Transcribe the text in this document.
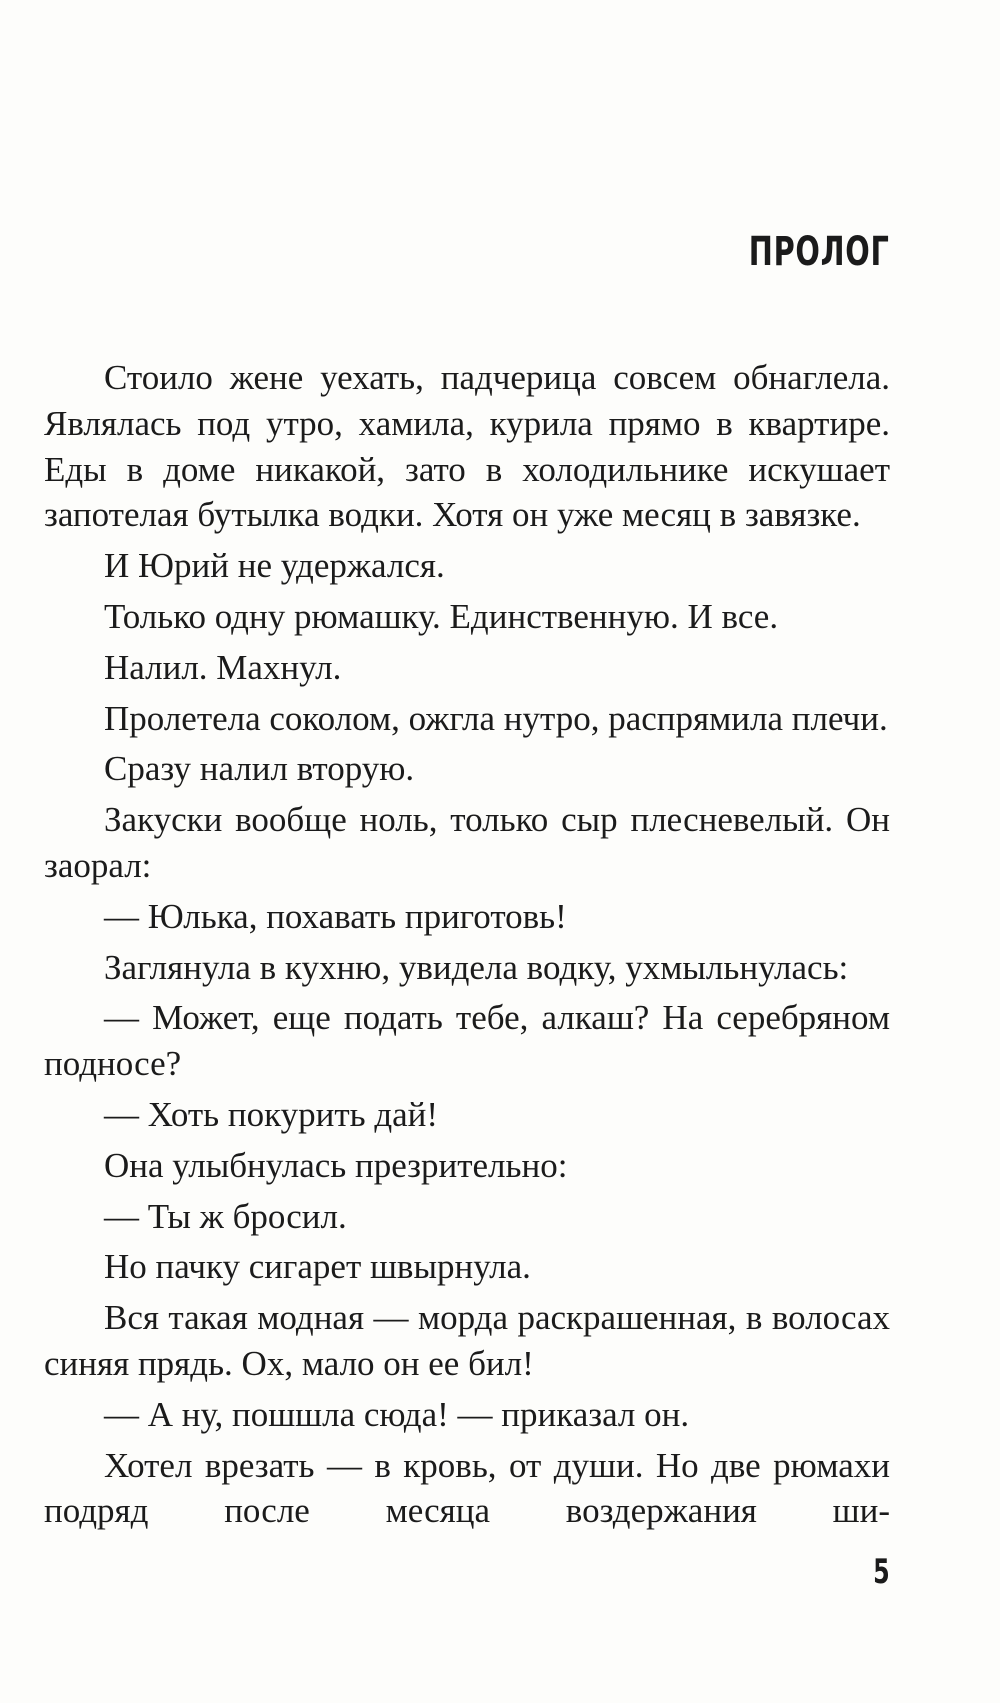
ПРОЛОГ

Стоило жене уехать, падчерица совсем обнаглела. Являлась под утро, хамила, курила прямо в квартире. Еды в доме никакой, зато в холодильнике искушает запотелая бутылка водки. Хотя он уже месяц в завязке.

И Юрий не удержался.

Только одну рюмашку. Единственную. И все.

Налил. Махнул.

Пролетела соколом, ожгла нутро, распрямила плечи.

Сразу налил вторую.

Закуски вообще ноль, только сыр плесневелый. Он заорал:

— Юлька, похавать приготовь!

Заглянула в кухню, увидела водку, ухмыльнулась:

— Может, еще подать тебе, алкаш? На серебряном подносе?

— Хоть покурить дай!

Она улыбнулась презрительно:

— Ты ж бросил.

Но пачку сигарет швырнула.

Вся такая модная — морда раскрашенная, в волосах синяя прядь. Ох, мало он ее бил!

— А ну, пошшла сюда! — приказал он.

Хотел врезать — в кровь, от души. Но две рюмахи подряд после месяца воздержания ши-

5
